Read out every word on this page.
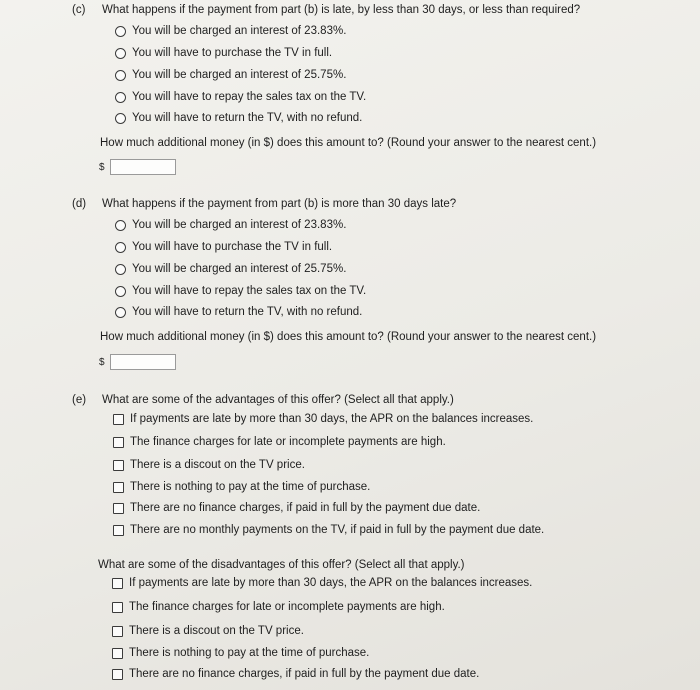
(c) What happens if the payment from part (b) is late, by less than 30 days, or less than required?
You will be charged an interest of 23.83%.
You will have to purchase the TV in full.
You will be charged an interest of 25.75%.
You will have to repay the sales tax on the TV.
You will have to return the TV, with no refund.
How much additional money (in $) does this amount to? (Round your answer to the nearest cent.)
$
(d) What happens if the payment from part (b) is more than 30 days late?
You will be charged an interest of 23.83%.
You will have to purchase the TV in full.
You will be charged an interest of 25.75%.
You will have to repay the sales tax on the TV.
You will have to return the TV, with no refund.
How much additional money (in $) does this amount to? (Round your answer to the nearest cent.)
$
(e) What are some of the advantages of this offer? (Select all that apply.)
If payments are late by more than 30 days, the APR on the balances increases.
The finance charges for late or incomplete payments are high.
There is a discout on the TV price.
There is nothing to pay at the time of purchase.
There are no finance charges, if paid in full by the payment due date.
There are no monthly payments on the TV, if paid in full by the payment due date.
What are some of the disadvantages of this offer? (Select all that apply.)
If payments are late by more than 30 days, the APR on the balances increases.
The finance charges for late or incomplete payments are high.
There is a discout on the TV price.
There is nothing to pay at the time of purchase.
There are no finance charges, if paid in full by the payment due date.
